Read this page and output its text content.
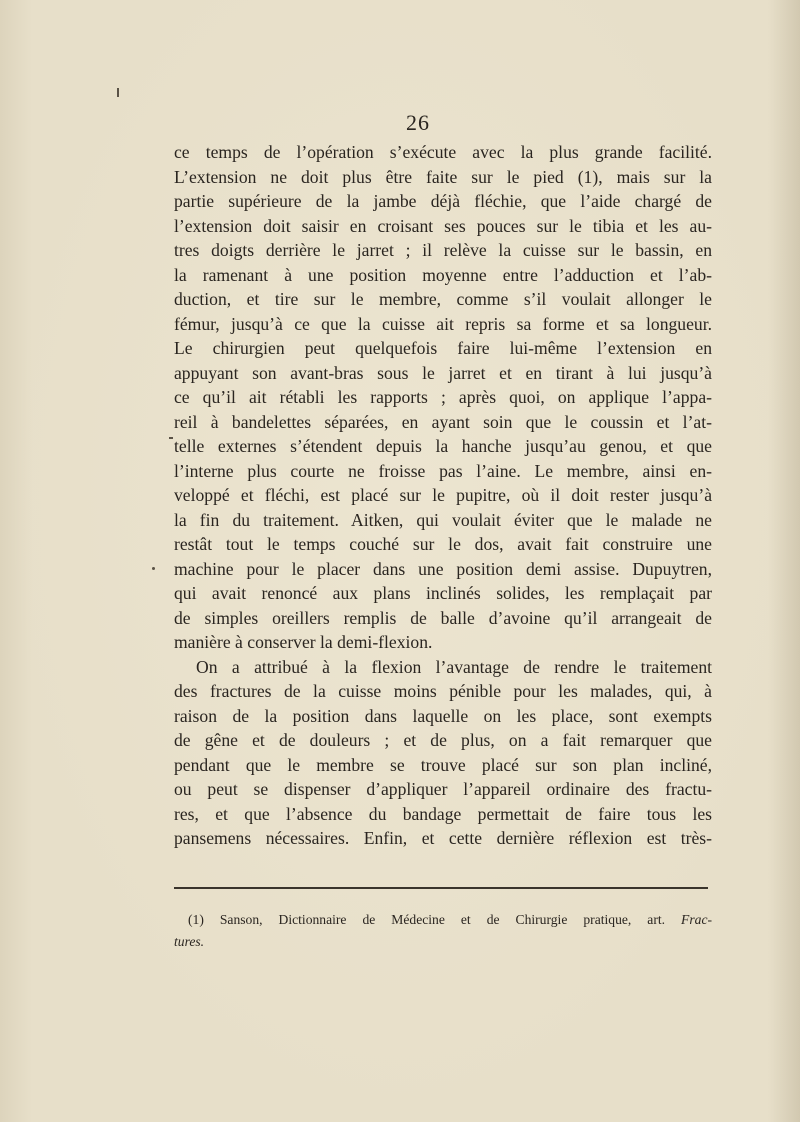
26
ce temps de l’opération s’exécute avec la plus grande facilité.
L’extension ne doit plus être faite sur le pied (1), mais sur la
partie supérieure de la jambe déjà fléchie, que l’aide chargé de
l’extension doit saisir en croisant ses pouces sur le tibia et les au-
tres doigts derrière le jarret ; il relève la cuisse sur le bassin, en
la ramenant à une position moyenne entre l’adduction et l’ab-
duction, et tire sur le membre, comme s’il voulait allonger le
fémur, jusqu’à ce que la cuisse ait repris sa forme et sa longueur.
Le chirurgien peut quelquefois faire lui-même l’extension en
appuyant son avant-bras sous le jarret et en tirant à lui jusqu’à
ce qu’il ait rétabli les rapports ; après quoi, on applique l’appa-
reil à bandelettes séparées, en ayant soin que le coussin et l’at-
telle externes s’étendent depuis la hanche jusqu’au genou, et que
l’interne plus courte ne froisse pas l’aine. Le membre, ainsi en-
veloppé et fléchi, est placé sur le pupitre, où il doit rester jusqu’à
la fin du traitement. Aitken, qui voulait éviter que le malade ne
restât tout le temps couché sur le dos, avait fait construire une
machine pour le placer dans une position demi assise. Dupuytren,
qui avait renoncé aux plans inclinés solides, les remplaçait par
de simples oreillers remplis de balle d’avoine qu’il arrangeait de
manière à conserver la demi-flexion.
On a attribué à la flexion l’avantage de rendre le traitement
des fractures de la cuisse moins pénible pour les malades, qui, à
raison de la position dans laquelle on les place, sont exempts
de gêne et de douleurs ; et de plus, on a fait remarquer que
pendant que le membre se trouve placé sur son plan incliné,
ou peut se dispenser d’appliquer l’appareil ordinaire des fractu-
res, et que l’absence du bandage permettait de faire tous les
pansemens nécessaires. Enfin, et cette dernière réflexion est très-
(1) Sanson, Dictionnaire de Médecine et de Chirurgie pratique, art. Frac-
tures.
